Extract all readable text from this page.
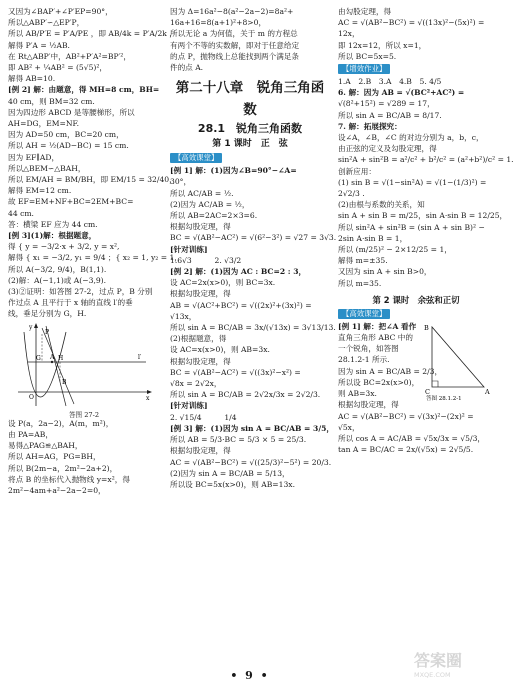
又因为∠BAP′+∠P′EP=90°，
所以△ABP′∽△EP′P，
所以 AB/P′E = P′A/PE ，即 AB/4k = P′A/2k ，
解得 P′A = ½AB.
在 Rt△ABP′中，AB²+P′A²=BP′²，
即 AB² + ¼AB² = (5√5)²，
解得 AB=10.
[例 2] 解：由题意，得 MH=8 cm，BH=
40 cm，则 BM=32 cm.
因为四边形 ABCD 是等腰梯形，所以
AH=DG，EM=NF.
因为 AD=50 cm，BC=20 cm，
所以 AH = ½(AD−BC) = 15 cm.
因为 EF∥AD，
所以△BEM∽△BAH，
所以 EM/AH = BM/BH，即 EM/15 = 32/40，
解得 EM=12 cm.
故 EF=EM+NF+BC=2EM+BC=
44 cm.
答：横梁 EF 应为 44 cm.
[例 3](1)解：根据题意，
得 { y = −3/2·x + 3/2, y = x²,
解得 { x₁ = −3/2, y₁ = 9/4 ；{ x₂ = 1, y₂ = 1，
所以 A(−3/2, 9/4)，B(1,1).
(2)解：A(−1,1)或 A(−3,9).
(3)②证明：如答图 27-2，过点 P，B 分别
作过点 A 且平行于 x 轴的直线 l′的垂
线，垂足分别为 G，H.
y
P
G
O
A
B
H	l′
x
答图 27-2
设 P(a，2a−2)，A(m，m²)，
由 PA=AB，
易得△PAG≌△BAH，
所以 AH=AG，PG=BH，
所以 B(2m−a，2m²−2a+2)，
将点 B 的坐标代入抛物线 y=x²，得
2m²−4am+a²−2a−2=0，
因为 Δ=16a²−8(a²−2a−2)=8a²+
16a+16=8(a+1)²+8>0，
所以无论 a 为何值，关于 m 的方程总
有两个不等的实数解，即对于任意给定
的点 P，抛物线上总能找到两个满足条
件的点 A.
第二十八章　锐角三角函数
28.1　锐角三角函数
第 1 课时　正　弦
【高效课堂】
[例 1] 解：(1)因为∠B=90°−∠A=
30°，
所以 AC/AB = ½.
(2)因为 AC/AB = ½，
所以 AB=2AC=2×3=6.
根据勾股定理，得
BC = √(AB²−AC²) = √(6²−3²) = √27 = 3√3.
[针对训练]
1.6√3　　　2. √3/2
[例 2] 解：(1)因为 AC : BC=2 : 3，
设 AC=2x(x>0)，则 BC=3x.
根据勾股定理，得
AB = √(AC²+BC²) = √((2x)²+(3x)²) =
√13x，
所以 sin A = BC/AB = 3x/(√13x) = 3√13/13.
(2)根据题意，得
设 AC=x(x>0)，则 AB=3x.
根据勾股定理，得
BC = √(AB²−AC²) = √((3x)²−x²) =
√8x = 2√2x，
所以 sin A = BC/AB = 2√2x/3x = 2√2/3.
[针对训练]
2. √15/4　　　1/4
[例 3] 解：(1)因为 sin A = BC/AB = 3/5，
所以 AB = 5/3·BC = 5/3 × 5 = 25/3.
根据勾股定理，得
AC = √(AB²−BC²) = √((25/3)²−5²) = 20/3.
(2)因为 sin A = BC/AB = 5/13，
所以设 BC=5x(x>0)，则 AB=13x.
由勾股定理，得
AC = √(AB²−BC²) = √((13x)²−(5x)²) =
12x，
即 12x=12，所以 x=1，
所以 BC=5x=5.
【增效作业】
1.A　2.B　3.A　4.B　5. 4/5
6. 解：因为 AB = √(BC²+AC²) =
√(8²+15²) = √289 = 17，
所以 sin A = BC/AB = 8/17.
7. 解：拓展探究：
设∠A，∠B，∠C 的对边分别为 a，b，c，
由正弦的定义及勾股定理，得
sin²A + sin²B = a²/c² + b²/c² = (a²+b²)/c² = 1.
创新应用：
(1) sin B = √(1−sin²A) = √(1−(1/3)²) =
2√2/3 .
(2)由根与系数的关系，知
sin A + sin B = m/25，sin A·sin B = 12/25，
所以 sin²A + sin²B = (sin A + sin B)² −
2sin A·sin B = 1，
所以 (m/25)² − 2×12/25 = 1，
解得 m=±35.
又因为 sin A + sin B>0，
所以 m=35.
第 2 课时　余弦和正切
【高效课堂】
B
A
C
答图 28.1.2-1
[例 1] 解：把∠A 看作
直角三角形 ABC 中的
一个锐角，如答图
28.1.2-1 所示.
因为 sin A = BC/AB = 2/3，
所以设 BC=2x(x>0)，
则 AB=3x.
根据勾股定理，得
AC = √(AB²−BC²) = √(3x)²−(2x)² =
√5x，
所以 cos A = AC/AB = √5x/3x = √5/3，
tan A = BC/AC = 2x/(√5x) = 2√5/5.
• 9 •
答案圈
MXQE.COM
